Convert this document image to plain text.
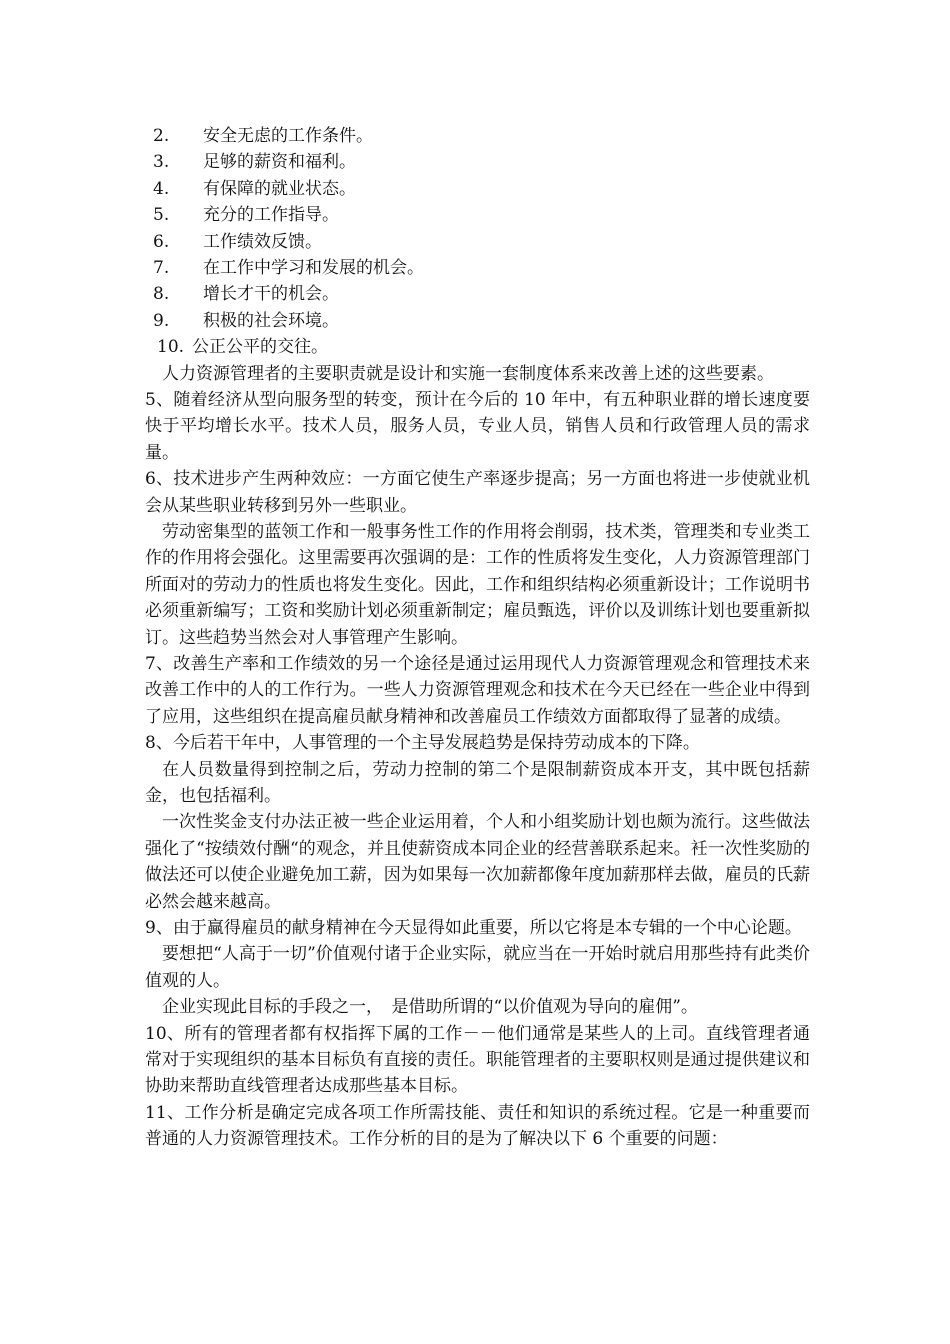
2. 安全无虑的工作条件。
3. 足够的薪资和福利。
4. 有保障的就业状态。
5. 充分的工作指导。
6. 工作绩效反馈。
7. 在工作中学习和发展的机会。
8. 增长才干的机会。
9. 积极的社会环境。
10. 公正公平的交往。

人力资源管理者的主要职责就是设计和实施一套制度体系来改善上述的这些要素。

5、随着经济从型向服务型的转变，预计在今后的 10 年中，有五种职业群的增长速度要快于平均增长水平。技术人员，服务人员，专业人员，销售人员和行政管理人员的需求量。

6、技术进步产生两种效应：一方面它使生产率逐步提高；另一方面也将进一步使就业机会从某些职业转移到另外一些职业。

劳动密集型的蓝领工作和一般事务性工作的作用将会削弱，技术类，管理类和专业类工作的作用将会强化。这里需要再次强调的是：工作的性质将发生变化，人力资源管理部门所面对的劳动力的性质也将发生变化。因此，工作和组织结构必须重新设计；工作说明书必须重新编写；工资和奖励计划必须重新制定；雇员甄选，评价以及训练计划也要重新拟订。这些趋势当然会对人事管理产生影响。

7、改善生产率和工作绩效的另一个途径是通过运用现代人力资源管理观念和管理技术来改善工作中的人的工作行为。一些人力资源管理观念和技术在今天已经在一些企业中得到了应用，这些组织在提高雇员献身精神和改善雇员工作绩效方面都取得了显著的成绩。

8、今后若干年中，人事管理的一个主导发展趋势是保持劳动成本的下降。

在人员数量得到控制之后，劳动力控制的第二个是限制薪资成本开支，其中既包括薪金，也包括福利。

一次性奖金支付办法正被一些企业运用着，个人和小组奖励计划也颇为流行。这些做法强化了“按绩效付酬“的观念，并且使薪资成本同企业的经营善联系起来。衽一次性奖励的做法还可以使企业避免加工薪，因为如果每一次加薪都像年度加薪那样去做，雇员的氏薪必然会越来越高。

9、由于赢得雇员的献身精神在今天显得如此重要，所以它将是本专辑的一个中心论题。

要想把“人高于一切”价值观付诸于企业实际，就应当在一开始时就启用那些持有此类价值观的人。

企业实现此目标的手段之一，　是借助所谓的“以价值观为导向的雇佣”。

10、所有的管理者都有权指挥下属的工作－－他们通常是某些人的上司。直线管理者通常对于实现组织的基本目标负有直接的责任。职能管理者的主要职权则是通过提供建议和协助来帮助直线管理者达成那些基本目标。

11、工作分析是确定完成各项工作所需技能、责任和知识的系统过程。它是一种重要而普通的人力资源管理技术。工作分析的目的是为了解决以下 6 个重要的问题：
